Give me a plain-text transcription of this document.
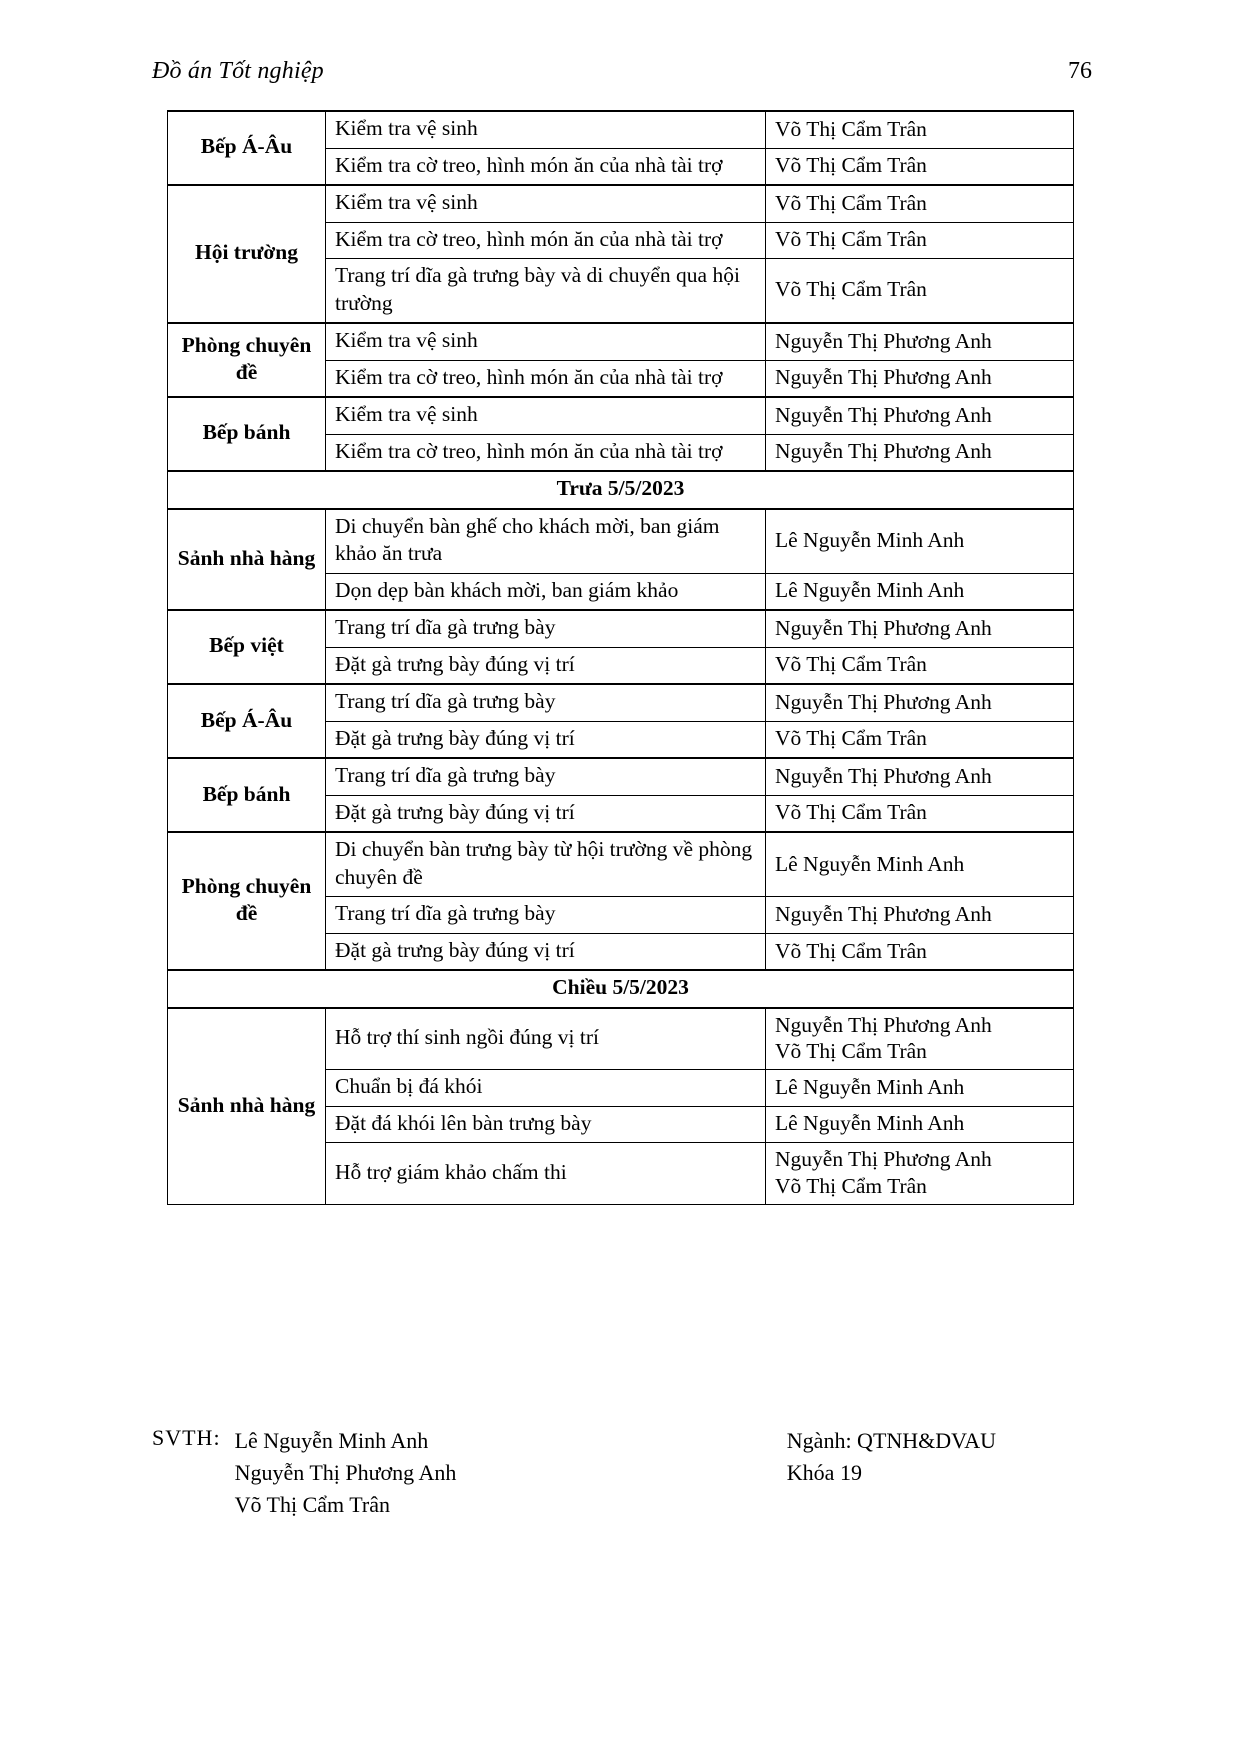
Đồ án Tốt nghiệp	76
Bếp Á-Âu	Kiểm tra vệ sinh	Võ Thị Cẩm Trân

	Kiểm tra cờ treo, hình món ăn của nhà tài trợ	Võ Thị Cẩm Trân

Hội trường	Kiểm tra vệ sinh	Võ Thị Cẩm Trân

	Kiểm tra cờ treo, hình món ăn của nhà tài trợ	Võ Thị Cẩm Trân

	Trang trí dĩa gà trưng bày và di chuyển qua hội trường	Võ Thị Cẩm Trân

Phòng chuyên đề	Kiểm tra vệ sinh	Nguyễn Thị Phương Anh

	Kiểm tra cờ treo, hình món ăn của nhà tài trợ	Nguyễn Thị Phương Anh

Bếp bánh	Kiểm tra vệ sinh	Nguyễn Thị Phương Anh

	Kiểm tra cờ treo, hình món ăn của nhà tài trợ	Nguyễn Thị Phương Anh

Trưa 5/5/2023		
Sảnh nhà hàng	Di chuyển bàn ghế cho khách mời, ban giám khảo ăn trưa	Lê Nguyễn Minh Anh

	Dọn dẹp bàn khách mời, ban giám khảo	Lê Nguyễn Minh Anh

Bếp việt	Trang trí dĩa gà trưng bày	Nguyễn Thị Phương Anh

	Đặt gà trưng bày đúng vị trí	Võ Thị Cẩm Trân

Bếp Á-Âu	Trang trí dĩa gà trưng bày	Nguyễn Thị Phương Anh

	Đặt gà trưng bày đúng vị trí	Võ Thị Cẩm Trân

Bếp bánh	Trang trí dĩa gà trưng bày	Nguyễn Thị Phương Anh

	Đặt gà trưng bày đúng vị trí	Võ Thị Cẩm Trân

Phòng chuyên đề	Di chuyển bàn trưng bày từ hội trường về phòng chuyên đề	Lê Nguyễn Minh Anh

	Trang trí dĩa gà trưng bày	Nguyễn Thị Phương Anh

	Đặt gà trưng bày đúng vị trí	Võ Thị Cẩm Trân

Chiều 5/5/2023		
Sảnh nhà hàng	Hỗ trợ thí sinh ngồi đúng vị trí	Nguyễn Thị Phương Anh
Võ Thị Cẩm Trân

	Chuẩn bị đá khói	Lê Nguyễn Minh Anh

	Đặt đá khói lên bàn trưng bày	Lê Nguyễn Minh Anh

	Hỗ trợ giám khảo chấm thi	Nguyễn Thị Phương Anh
Võ Thị Cẩm Trân
SVTH: Lê Nguyễn Minh Anh
Nguyễn Thị Phương Anh
Võ Thị Cẩm Trân
Ngành: QTNH&DVAU
Khóa 19
